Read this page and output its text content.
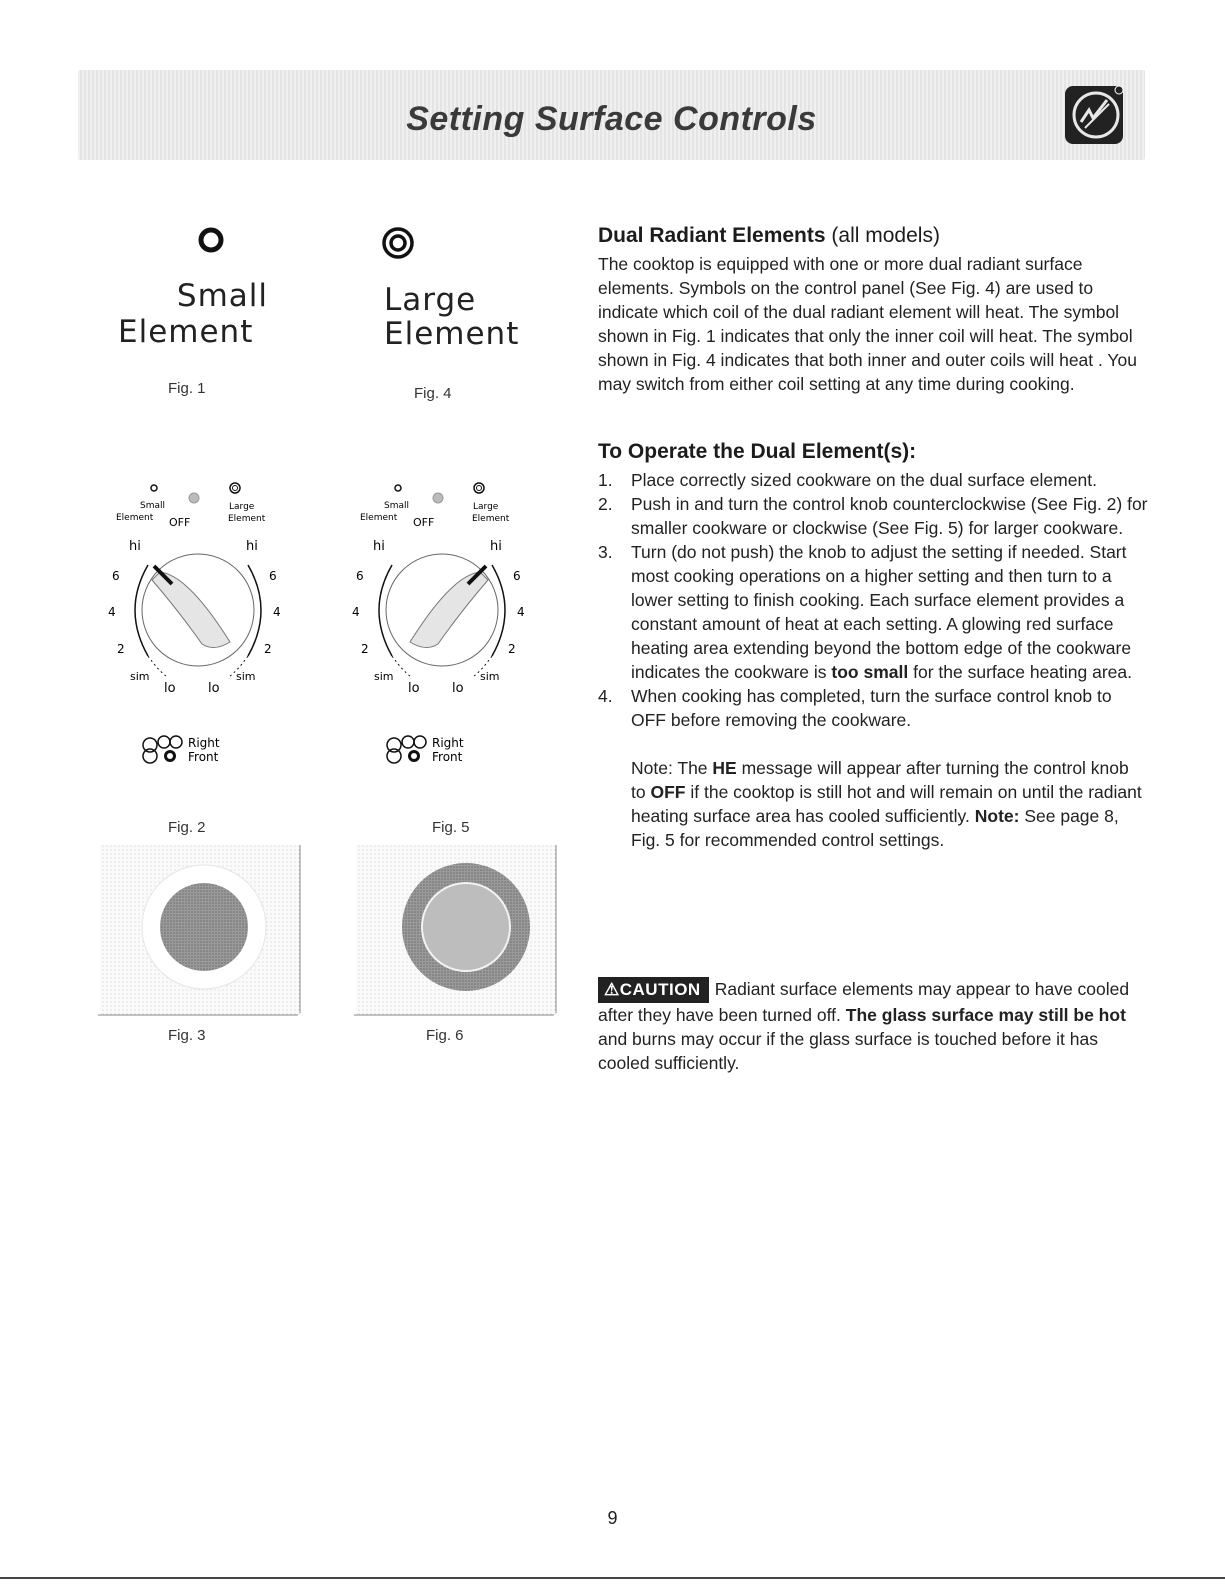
Setting Surface Controls
Small
Element
Fig. 1
Large
Element
Fig. 4
Small
Element OFF
Large
Element
hi	hi
6	6
4	4
2	2
sim	sim
lo lo
Right
Front
Fig. 2
Small
Element OFF
Large
Element
hi	hi
6	6
4	4
2	2
sim	sim
lo lo
Right
Front
Fig. 5
Fig. 3	Fig. 6
Dual Radiant Elements (all models)

The cooktop is equipped with one or more dual radiant surface elements. Symbols on the control panel (See Fig. 4) are used to indicate which coil of the dual radiant element will heat. The symbol shown in Fig. 1 indicates that only the inner coil will heat. The symbol shown in Fig. 4 indicates that both inner and outer coils will heat . You may switch from either coil setting at any time during cooking.

To Operate the Dual Element(s):
1. Place correctly sized cookware on the dual surface element.
2. Push in and turn the control knob counterclockwise (See Fig. 2) for smaller cookware or clockwise (See Fig. 5) for larger cookware.
3. Turn (do not push) the knob to adjust the setting if needed. Start most cooking operations on a higher setting and then turn to a lower setting to finish cooking. Each surface element provides a constant amount of heat at each setting. A glowing red surface heating area extending beyond the bottom edge of the cookware indicates the cookware is too small for the surface heating area.
4. When cooking has completed, turn the surface control knob to OFF before removing the cookware.

Note: The HE message will appear after turning the control knob to OFF if the cooktop is still hot and will remain on until the radiant heating surface area has cooled sufficiently. Note: See page 8, Fig. 5 for recommended control settings.

⚠CAUTION Radiant surface elements may appear to have cooled after they have been turned off. The glass surface may still be hot and burns may occur if the glass surface is touched before it has cooled sufficiently.

9
